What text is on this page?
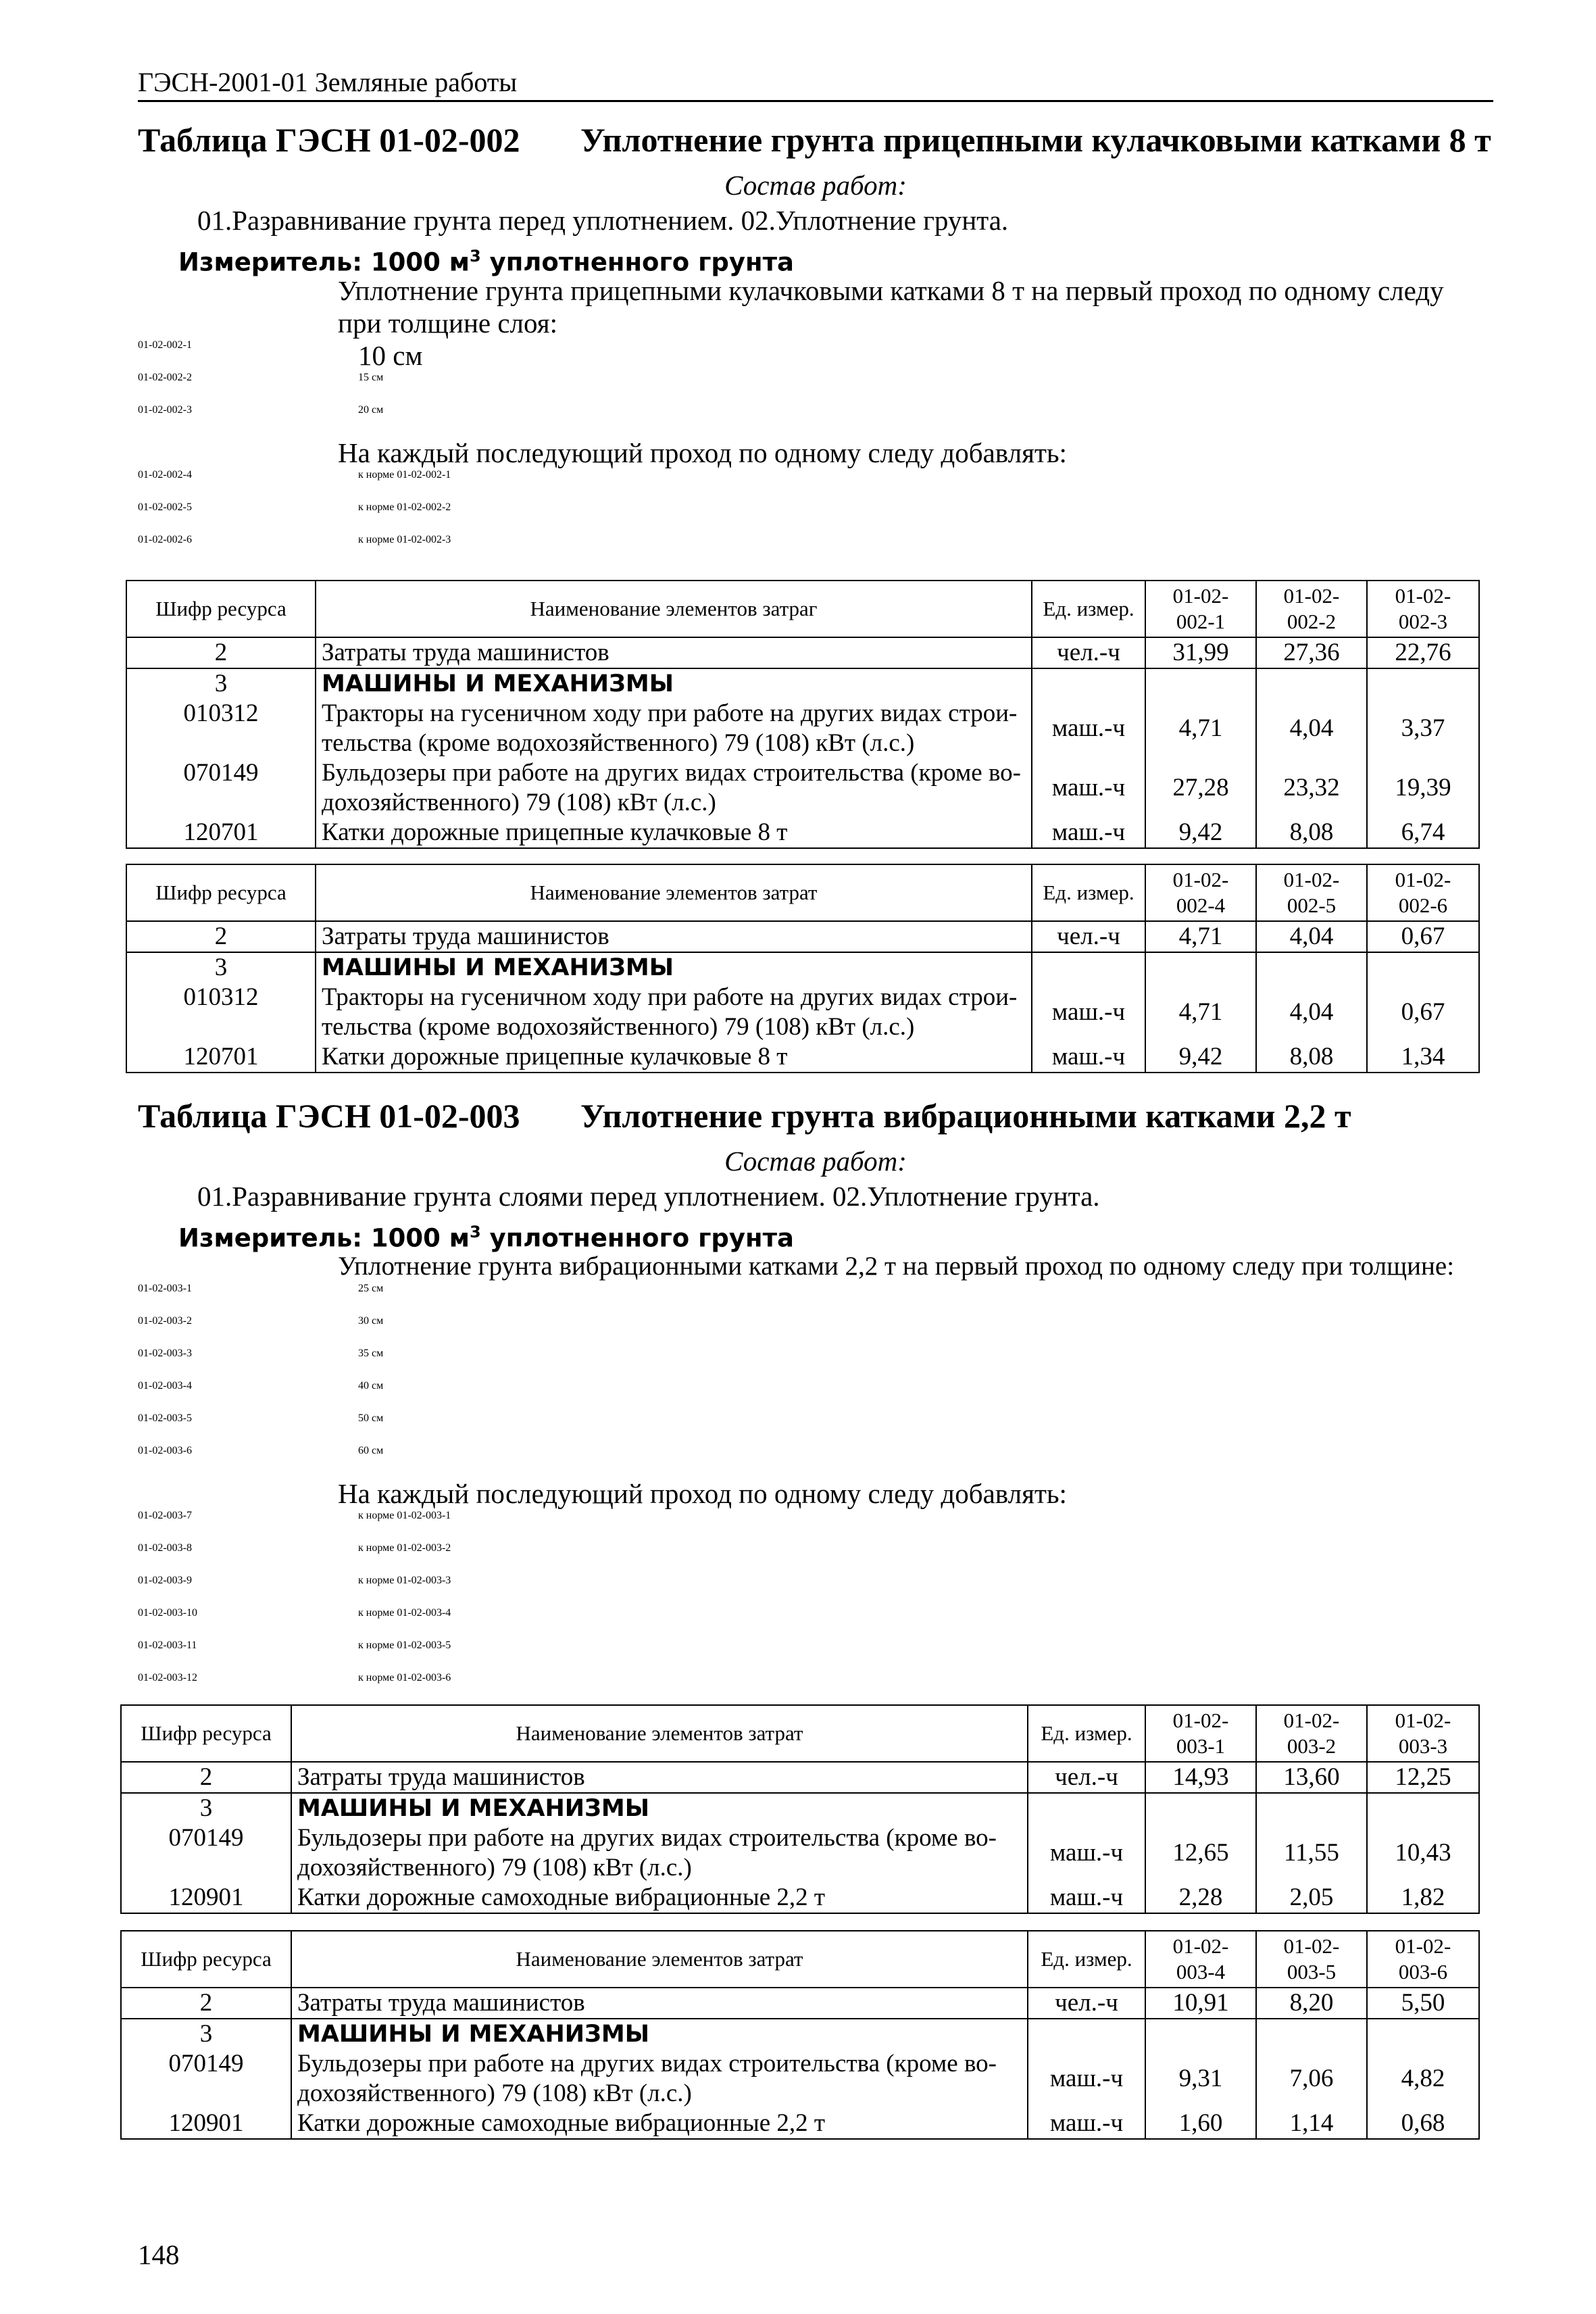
ГЭСН-2001-01 Земляные работы
Таблица ГЭСН 01-02-002 Уплотнение грунта прицепными кулачковыми катками 8 т
Состав работ:
01.Разравнивание грунта перед уплотнением. 02.Уплотнение грунта.
Измеритель: 1000 $м^3$ уплотненного грунта
Уплотнение грунта прицепными кулачковыми катками 8 т на первый проход по одному следу при толщине слоя:
01-02-002-1	10 см
01-02-002-2	15 см
01-02-002-3	20 см
На каждый последующий проход по одному следу добавлять:
01-02-002-4	к норме 01-02-002-1
01-02-002-5	к норме 01-02-002-2
01-02-002-6	к норме 01-02-002-3
Шифр ресурса	Наименование элементов затраг	Ед. измер.	01-02-
002-1	01-02-
002-2	01-02-
002-3
2	Затраты труда машинистов	чел.-ч	31,99	27,36	22,76
3	МАШИНЫ И МЕХАНИЗМЫ				
010312	Тракторы на гусеничном ходу при работе на других видах строи-
тельства (кроме водохозяйственного) 79 (108) кВт (л.с.)	маш.-ч	4,71	4,04	3,37
070149	Бульдозеры при работе на других видах строительства (кроме во-
дохозяйственного) 79 (108) кВт (л.с.)	маш.-ч	27,28	23,32	19,39
120701	Катки дорожные прицепные кулачковые 8 т	маш.-ч	9,42	8,08	6,74
Шифр ресурса	Наименование элементов затрат	Ед. измер.	01-02-
002-4	01-02-
002-5	01-02-
002-6
2	Затраты труда машинистов	чел.-ч	4,71	4,04	0,67
3	МАШИНЫ И МЕХАНИЗМЫ				
010312	Тракторы на гусеничном ходу при работе на других видах строи-
тельства (кроме водохозяйственного) 79 (108) кВт (л.с.)	маш.-ч	4,71	4,04	0,67
120701	Катки дорожные прицепные кулачковые 8 т	маш.-ч	9,42	8,08	1,34
Таблица ГЭСН 01-02-003 Уплотнение грунта вибрационными катками 2,2 т
Состав работ:
01.Разравнивание грунта слоями перед уплотнением. 02.Уплотнение грунта.
Измеритель: 1000 $м^3$ уплотненного грунта
Уплотнение грунта вибрационными катками 2,2 т на первый проход по одному следу при толщине:
01-02-003-1	25 см
01-02-003-2	30 см
01-02-003-3	35 см
01-02-003-4	40 см
01-02-003-5	50 см
01-02-003-6	60 см
На каждый последующий проход по одному следу добавлять:
01-02-003-7	к норме 01-02-003-1
01-02-003-8	к норме 01-02-003-2
01-02-003-9	к норме 01-02-003-3
01-02-003-10	к норме 01-02-003-4
01-02-003-11	к норме 01-02-003-5
01-02-003-12	к норме 01-02-003-6
Шифр ресурса	Наименование элементов затрат	Ед. измер.	01-02-
003-1	01-02-
003-2	01-02-
003-3
2	Затраты труда машинистов	чел.-ч	14,93	13,60	12,25
3	МАШИНЫ И МЕХАНИЗМЫ				
070149	Бульдозеры при работе на других видах строительства (кроме во-
дохозяйственного) 79 (108) кВт (л.с.)	маш.-ч	12,65	11,55	10,43
120901	Катки дорожные самоходные вибрационные 2,2 т	маш.-ч	2,28	2,05	1,82
Шифр ресурса	Наименование элементов затрат	Ед. измер.	01-02-
003-4	01-02-
003-5	01-02-
003-6
2	Затраты труда машинистов	чел.-ч	10,91	8,20	5,50
3	МАШИНЫ И МЕХАНИЗМЫ				
070149	Бульдозеры при работе на других видах строительства (кроме во-
дохозяйственного) 79 (108) кВт (л.с.)	маш.-ч	9,31	7,06	4,82
120901	Катки дорожные самоходные вибрационные 2,2 т	маш.-ч	1,60	1,14	0,68
148
